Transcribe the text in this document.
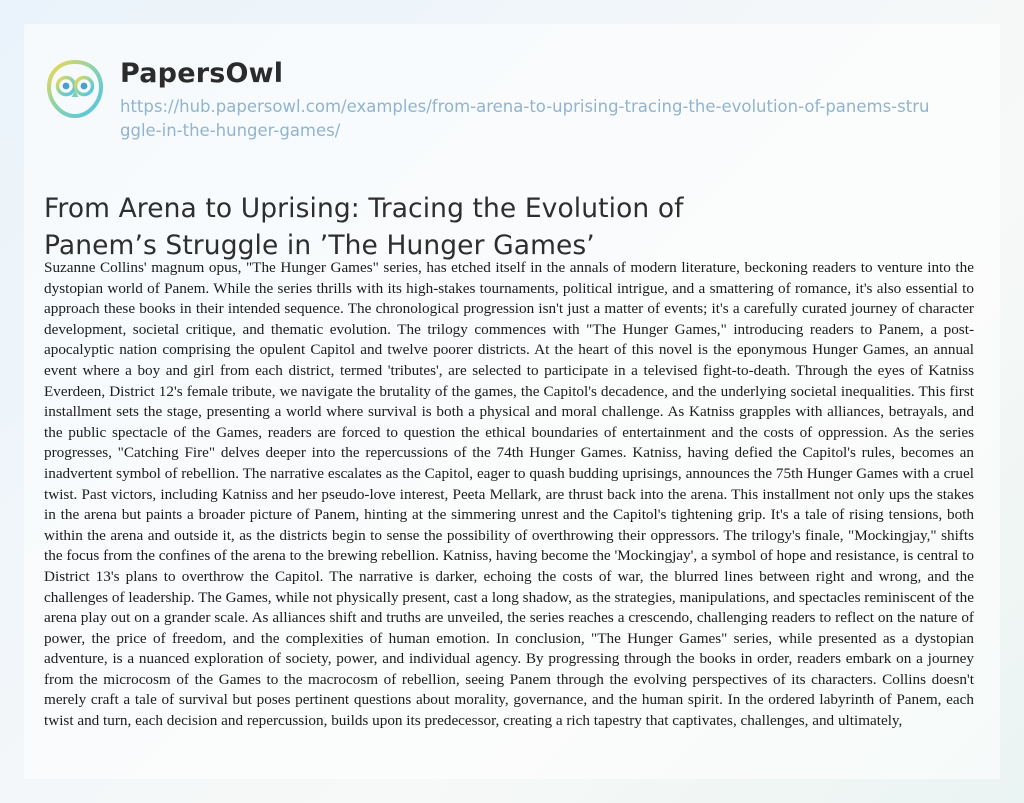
PapersOwl
https://hub.papersowl.com/examples/from-arena-to-uprising-tracing-the-evolution-of-panems-struggle-in-the-hunger-games/
From Arena to Uprising: Tracing the Evolution of Panem’s Struggle in ’The Hunger Games’
Suzanne Collins' magnum opus, "The Hunger Games" series, has etched itself in the annals of modern literature, beckoning readers to venture into the dystopian world of Panem. While the series thrills with its high-stakes tournaments, political intrigue, and a smattering of romance, it's also essential to approach these books in their intended sequence. The chronological progression isn't just a matter of events; it's a carefully curated journey of character development, societal critique, and thematic evolution. The trilogy commences with "The Hunger Games," introducing readers to Panem, a post-apocalyptic nation comprising the opulent Capitol and twelve poorer districts. At the heart of this novel is the eponymous Hunger Games, an annual event where a boy and girl from each district, termed 'tributes', are selected to participate in a televised fight-to-death. Through the eyes of Katniss Everdeen, District 12's female tribute, we navigate the brutality of the games, the Capitol's decadence, and the underlying societal inequalities. This first installment sets the stage, presenting a world where survival is both a physical and moral challenge. As Katniss grapples with alliances, betrayals, and the public spectacle of the Games, readers are forced to question the ethical boundaries of entertainment and the costs of oppression. As the series progresses, "Catching Fire" delves deeper into the repercussions of the 74th Hunger Games. Katniss, having defied the Capitol's rules, becomes an inadvertent symbol of rebellion. The narrative escalates as the Capitol, eager to quash budding uprisings, announces the 75th Hunger Games with a cruel twist. Past victors, including Katniss and her pseudo-love interest, Peeta Mellark, are thrust back into the arena. This installment not only ups the stakes in the arena but paints a broader picture of Panem, hinting at the simmering unrest and the Capitol's tightening grip. It's a tale of rising tensions, both within the arena and outside it, as the districts begin to sense the possibility of overthrowing their oppressors. The trilogy's finale, "Mockingjay," shifts the focus from the confines of the arena to the brewing rebellion. Katniss, having become the 'Mockingjay', a symbol of hope and resistance, is central to District 13's plans to overthrow the Capitol. The narrative is darker, echoing the costs of war, the blurred lines between right and wrong, and the challenges of leadership. The Games, while not physically present, cast a long shadow, as the strategies, manipulations, and spectacles reminiscent of the arena play out on a grander scale. As alliances shift and truths are unveiled, the series reaches a crescendo, challenging readers to reflect on the nature of power, the price of freedom, and the complexities of human emotion. In conclusion, "The Hunger Games" series, while presented as a dystopian adventure, is a nuanced exploration of society, power, and individual agency. By progressing through the books in order, readers embark on a journey from the microcosm of the Games to the macrocosm of rebellion, seeing Panem through the evolving perspectives of its characters. Collins doesn't merely craft a tale of survival but poses pertinent questions about morality, governance, and the human spirit. In the ordered labyrinth of Panem, each twist and turn, each decision and repercussion, builds upon its predecessor, creating a rich tapestry that captivates, challenges, and ultimately,
